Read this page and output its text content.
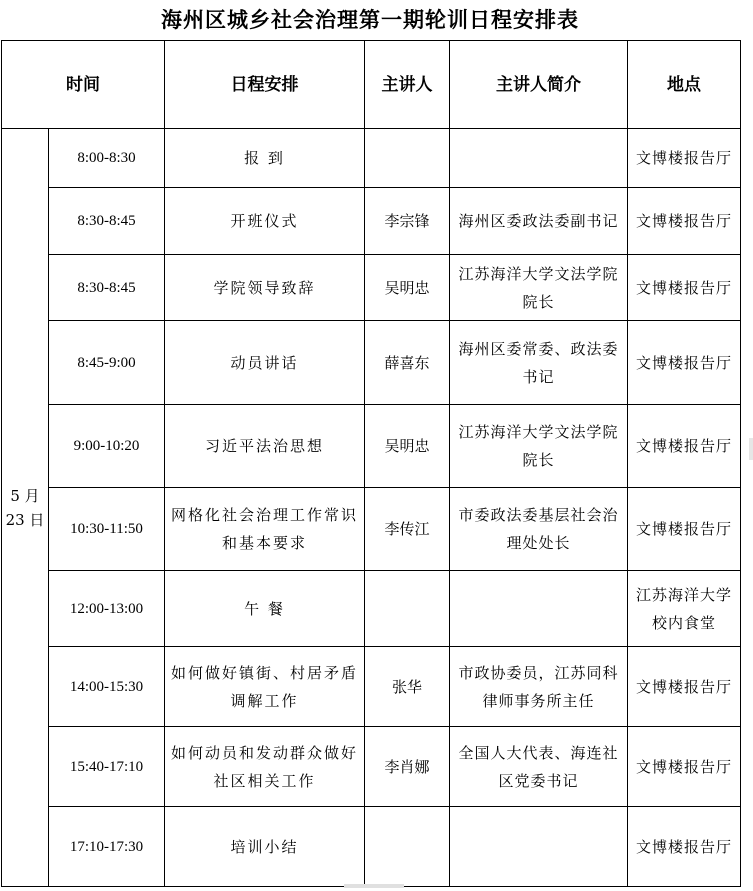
海州区城乡社会治理第一期轮训日程安排表
时间		日程安排	主讲人	主讲人简介	地点

5 月
23 日	8:00-8:30	报 到			文博楼报告厅
	8:30-8:45	开班仪式	李宗锋	海州区委政法委副书记	文博楼报告厅
	8:30-8:45	学院领导致辞	吴明忠	江苏海洋大学文法学院院长	文博楼报告厅
	8:45-9:00	动员讲话	薛喜东	海州区委常委、政法委书记	文博楼报告厅
	9:00-10:20	习近平法治思想	吴明忠	江苏海洋大学文法学院院长	文博楼报告厅
	10:30-11:50	网格化社会治理工作常识和基本要求	李传江	市委政法委基层社会治理处处长	文博楼报告厅
	12:00-13:00	午 餐			江苏海洋大学校内食堂
	14:00-15:30	如何做好镇街、村居矛盾调解工作	张华	市政协委员，江苏同科律师事务所主任	文博楼报告厅
	15:40-17:10	如何动员和发动群众做好社区相关工作	李肖娜	全国人大代表、海连社区党委书记	文博楼报告厅
	17:10-17:30	培训小结			文博楼报告厅
